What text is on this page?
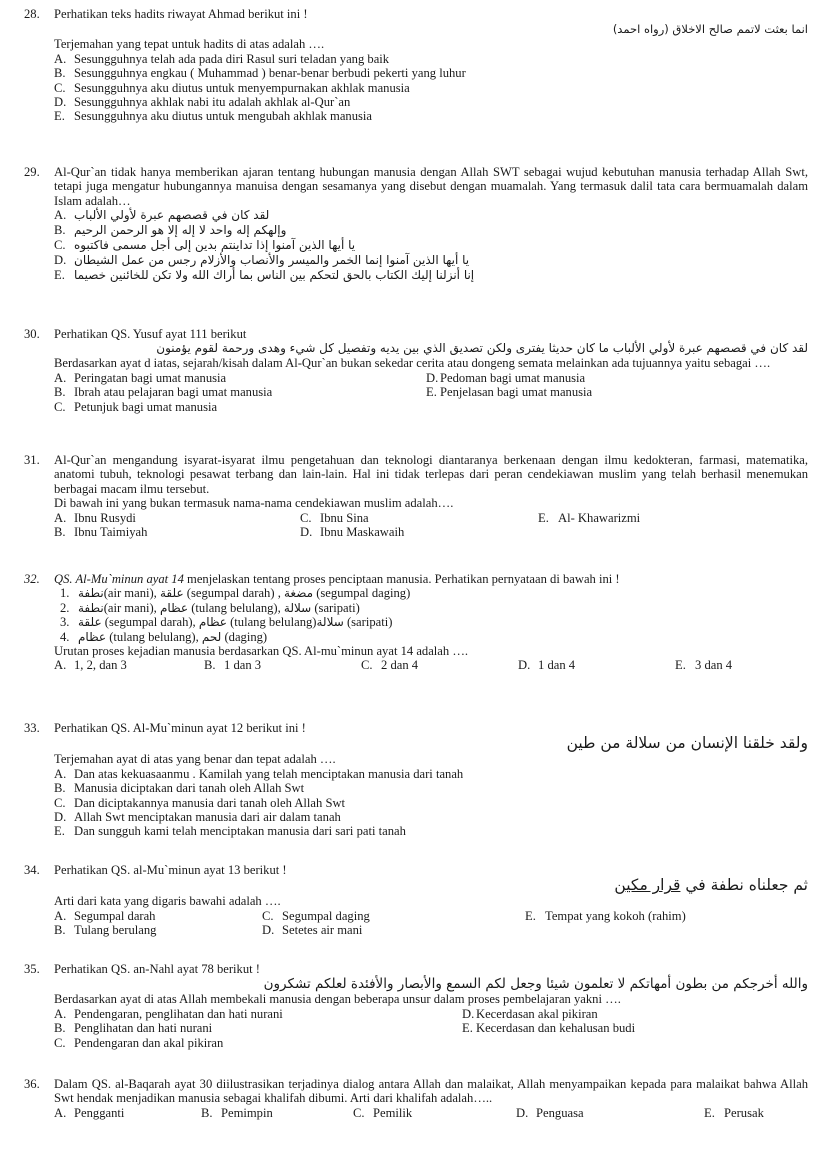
28.	Perhatikan teks hadits riwayat Ahmad berikut ini !

انما بعثت لاتمم صالح الاخلاق (رواه احمد)

Terjemahan yang tepat untuk hadits di atas adalah ….

A. Sesungguhnya telah ada pada diri Rasul suri teladan yang baik
B. Sesungguhnya engkau ( Muhammad ) benar-benar berbudi pekerti yang luhur
C. Sesungguhnya aku diutus untuk menyempurnakan akhlak manusia
D. Sesungguhnya akhlak nabi itu adalah akhlak al-Qur`an
E. Sesungguhnya aku diutus untuk mengubah akhlak manusia
29.	Al-Qur`an tidak hanya memberikan ajaran tentang hubungan manusia dengan Allah SWT sebagai wujud kebutuhan manusia terhadap Allah Swt, tetapi juga mengatur hubungannya manuisa dengan sesamanya yang disebut dengan muamalah. Yang termasuk dalil tata cara bermuamalah dalam Islam adalah…

A. لقد كان في قصصهم عبرة لأولي الألباب
B. وإلهكم إله واحد لا إله إلا هو الرحمن الرحيم
C. يا أيها الذين آمنوا إذا تداينتم بدين إلى أجل مسمى فاكتبوه
D. يا أيها الذين آمنوا إنما الخمر والميسر والأنصاب والأزلام رجس من عمل الشيطان
E. إنا أنزلنا إليك الكتاب بالحق لتحكم بين الناس بما أراك الله ولا تكن للخائنين خصيما
30.	Perhatikan QS. Yusuf ayat 111 berikut

لقد كان في قصصهم عبرة لأولي الألباب ما كان حديثا يفترى ولكن تصديق الذي بين يديه وتفصيل كل شيء وهدى ورحمة لقوم يؤمنون

Berdasarkan ayat d iatas, sejarah/kisah dalam Al-Qur`an bukan sekedar cerita atau dongeng semata melainkan ada tujuannya yaitu sebagai ….

A. Peringatan bagi umat manusia	D. Pedoman bagi umat manusia
B. Ibrah atau pelajaran bagi umat manusia	E. Penjelasan bagi umat manusia
C. Petunjuk bagi umat manusia
31.	Al-Qur`an mengandung isyarat-isyarat ilmu pengetahuan dan teknologi diantaranya berkenaan dengan ilmu kedokteran, farmasi, matematika, anatomi tubuh, teknologi pesawat terbang dan lain-lain. Hal ini tidak terlepas dari peran cendekiawan muslim yang telah berhasil menemukan berbagai macam ilmu tersebut.

Di bawah ini yang bukan termasuk nama-nama cendekiawan muslim adalah….

A. Ibnu Rusydi	C. Ibnu Sina	E. Al- Khawarizmi
B. Ibnu Taimiyah	D. Ibnu Maskawaih
32.	QS. Al-Mu`minun ayat 14 menjelaskan tentang proses penciptaan manusia. Perhatikan pernyataan di bawah ini !

1. نطفة(air mani), علقة (segumpal darah) , مضغة (segumpal daging)
2. نطفة(air mani), عظام (tulang belulang), سلالة (saripati)
3. علقة (segumpal darah), عظام (tulang belulang)سلالة (saripati)
4. عظام (tulang belulang), لحم (daging)

Urutan proses kejadian manusia berdasarkan QS. Al-mu`minun ayat 14 adalah ….

A. 1, 2, dan 3	B. 1 dan 3	C. 2 dan 4	D. 1 dan 4	E. 3 dan 4
33.	Perhatikan QS. Al-Mu`minun ayat 12 berikut ini !

ولقد خلقنا الإنسان من سلالة من طين

Terjemahan ayat di atas yang benar dan tepat adalah ….

A. Dan atas kekuasaanmu . Kamilah yang telah menciptakan manusia dari tanah
B. Manusia diciptakan dari tanah oleh Allah Swt
C. Dan diciptakannya manusia dari tanah oleh Allah Swt
D. Allah Swt menciptakan manusia dari air dalam tanah
E. Dan sungguh kami telah menciptakan manusia dari sari pati tanah
34.	Perhatikan QS. al-Mu`minun ayat 13 berikut !

ثم جعلناه نطفة في قرار مكين

Arti dari kata yang digaris bawahi adalah ….

A. Segumpal darah	C. Segumpal daging	E. Tempat yang kokoh (rahim)
B. Tulang berulang	D. Setetes air mani
35.	Perhatikan QS. an-Nahl ayat 78 berikut !

والله أخرجكم من بطون أمهاتكم لا تعلمون شيئا وجعل لكم السمع والأبصار والأفئدة لعلكم تشكرون

Berdasarkan ayat di atas Allah membekali manusia dengan beberapa unsur dalam proses pembelajaran yakni ….

A. Pendengaran, penglihatan dan hati nurani	D. Kecerdasan akal pikiran
B. Penglihatan dan hati nurani	E. Kecerdasan dan kehalusan budi
C. Pendengaran dan akal pikiran
36.	Dalam QS. al-Baqarah ayat 30 diilustrasikan terjadinya dialog antara Allah dan malaikat, Allah menyampaikan kepada para malaikat bahwa Allah Swt hendak menjadikan manusia sebagai khalifah dibumi. Arti dari khalifah adalah…..

A. Pengganti	B. Pemimpin	C. Pemilik	D. Penguasa	E. Perusak
